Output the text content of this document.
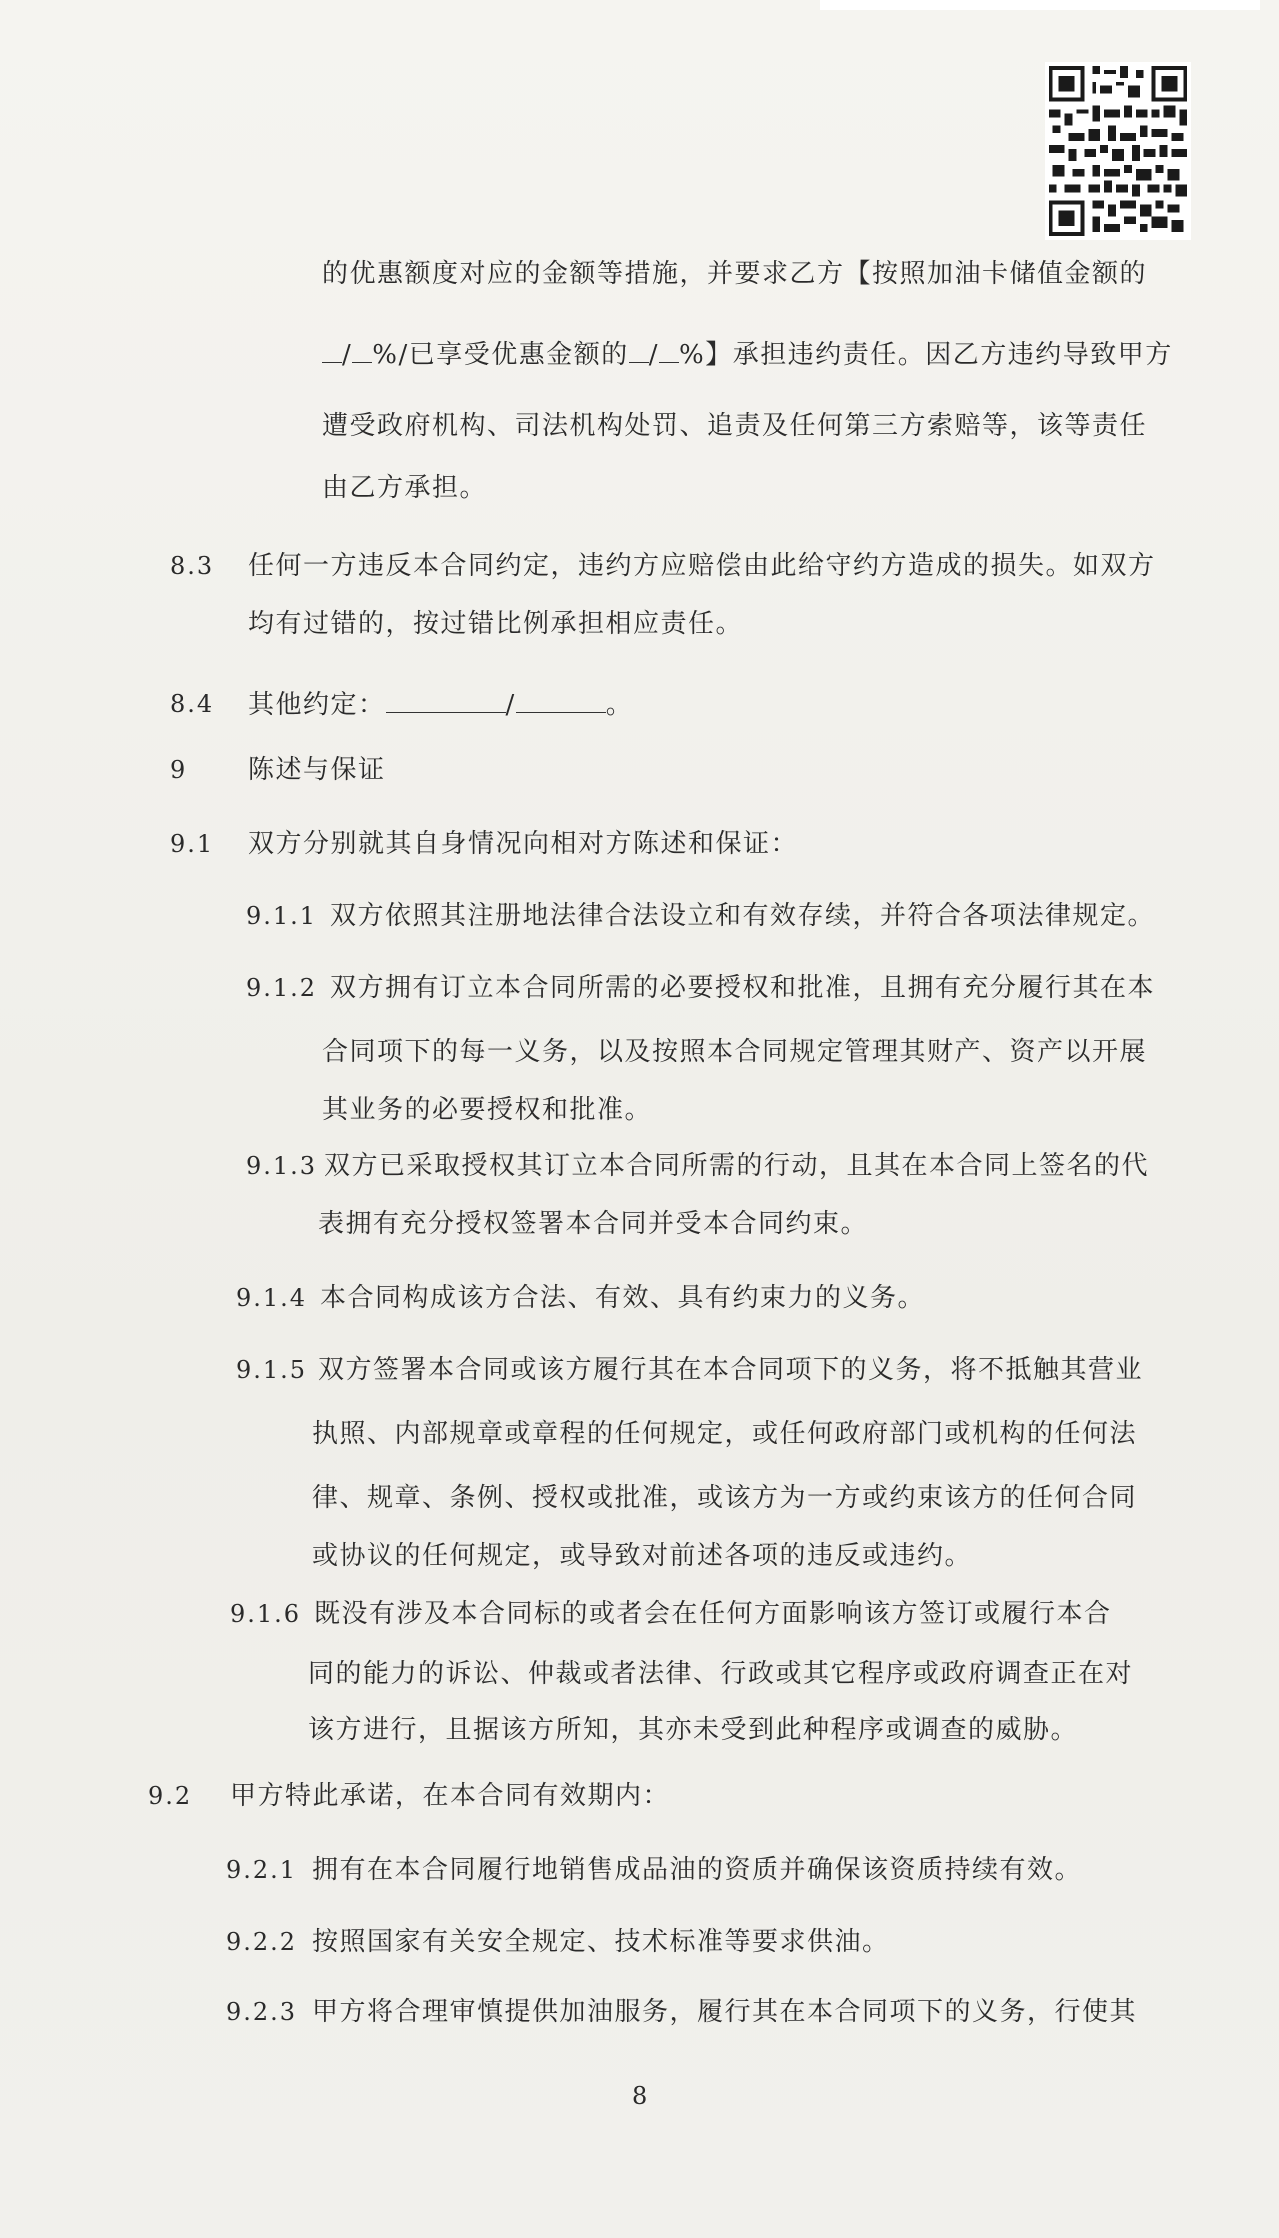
的优惠额度对应的金额等措施，并要求乙方【按照加油卡储值金额的
/ %/已享受优惠金额的 / %】承担违约责任。因乙方违约导致甲方
遭受政府机构、司法机构处罚、追责及任何第三方索赔等，该等责任
由乙方承担。
8.3 任何一方违反本合同约定，违约方应赔偿由此给守约方造成的损失。如双方
均有过错的，按过错比例承担相应责任。
8.4 其他约定：	/	。
9 陈述与保证
9.1 双方分别就其自身情况向相对方陈述和保证：
9.1.1 双方依照其注册地法律合法设立和有效存续，并符合各项法律规定。
9.1.2 双方拥有订立本合同所需的必要授权和批准，且拥有充分履行其在本
合同项下的每一义务，以及按照本合同规定管理其财产、资产以开展
其业务的必要授权和批准。
9.1.3 双方已采取授权其订立本合同所需的行动，且其在本合同上签名的代
表拥有充分授权签署本合同并受本合同约束。
9.1.4 本合同构成该方合法、有效、具有约束力的义务。
9.1.5 双方签署本合同或该方履行其在本合同项下的义务，将不抵触其营业
执照、内部规章或章程的任何规定，或任何政府部门或机构的任何法
律、规章、条例、授权或批准，或该方为一方或约束该方的任何合同
或协议的任何规定，或导致对前述各项的违反或违约。
9.1.6 既没有涉及本合同标的或者会在任何方面影响该方签订或履行本合
同的能力的诉讼、仲裁或者法律、行政或其它程序或政府调查正在对
该方进行，且据该方所知，其亦未受到此种程序或调查的威胁。
9.2 甲方特此承诺，在本合同有效期内：
9.2.1 拥有在本合同履行地销售成品油的资质并确保该资质持续有效。
9.2.2 按照国家有关安全规定、技术标准等要求供油。
9.2.3 甲方将合理审慎提供加油服务，履行其在本合同项下的义务，行使其
8
